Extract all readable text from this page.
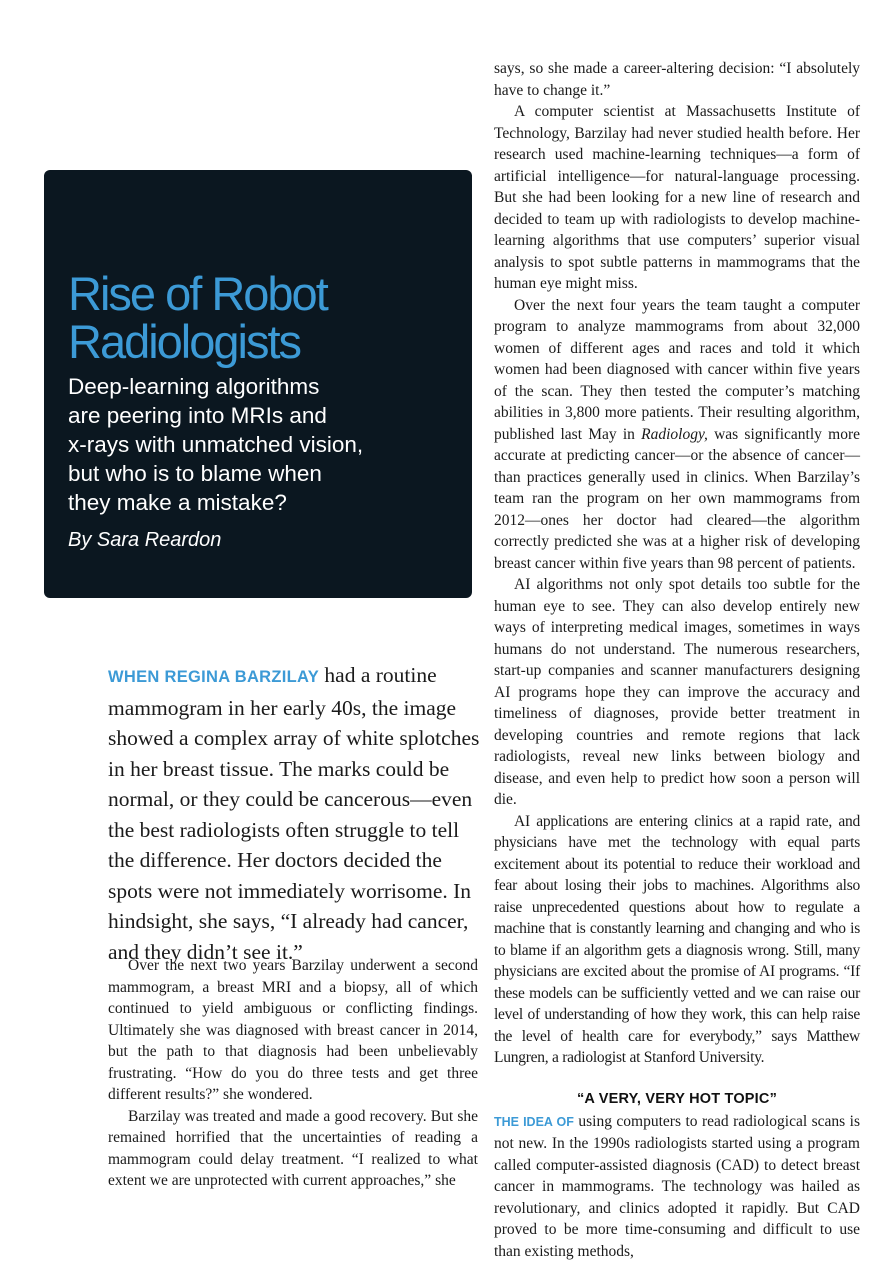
Rise of Robot
Radiologists

Deep-learning algorithms
are peering into MRIs and
x-rays with unmatched vision,
but who is to blame when
they make a mistake?

By Sara Reardon
WHEN REGINA BARZILAY had a routine mammogram in her early 40s, the image showed a complex array of white splotches in her breast tissue. The marks could be normal, or they could be cancerous—even the best radiologists often struggle to tell the difference. Her doctors decided the spots were not immediately worrisome. In hindsight, she says, “I already had cancer, and they didn’t see it.”

Over the next two years Barzilay underwent a second mammogram, a breast MRI and a biopsy, all of which continued to yield ambiguous or conflicting findings. Ultimately she was diagnosed with breast cancer in 2014, but the path to that diagnosis had been unbelievably frustrating. “How do you do three tests and get three different results?” she wondered.

Barzilay was treated and made a good recovery. But she remained horrified that the uncertainties of reading a mammogram could delay treatment. “I realized to what extent we are unprotected with current approaches,” she

says, so she made a career-altering decision: “I absolutely have to change it.”

A computer scientist at Massachusetts Institute of Technology, Barzilay had never studied health before. Her research used machine-learning techniques—a form of artificial intelligence—for natural-language processing. But she had been looking for a new line of research and decided to team up with radiologists to develop machine-learning algorithms that use computers’ superior visual analysis to spot subtle patterns in mammograms that the human eye might miss.

Over the next four years the team taught a computer program to analyze mammograms from about 32,000 women of different ages and races and told it which women had been diagnosed with cancer within five years of the scan. They then tested the computer’s matching abilities in 3,800 more patients. Their resulting algorithm, published last May in Radiology, was significantly more accurate at predicting cancer—or the absence of cancer—than practices generally used in clinics. When Barzilay’s team ran the program on her own mammograms from 2012—ones her doctor had cleared—the algorithm correctly predicted she was at a higher risk of developing breast cancer within five years than 98 percent of patients.

AI algorithms not only spot details too subtle for the human eye to see. They can also develop entirely new ways of interpreting medical images, sometimes in ways humans do not understand. The numerous researchers, start-up companies and scanner manufacturers designing AI programs hope they can improve the accuracy and timeliness of diagnoses, provide better treatment in developing countries and remote regions that lack radiologists, reveal new links between biology and disease, and even help to predict how soon a person will die.

AI applications are entering clinics at a rapid rate, and physicians have met the technology with equal parts excitement about its potential to reduce their workload and fear about losing their jobs to machines. Algorithms also raise unprecedented questions about how to regulate a machine that is constantly learning and changing and who is to blame if an algorithm gets a diagnosis wrong. Still, many physicians are excited about the promise of AI programs. “If these models can be sufficiently vetted and we can raise our level of understanding of how they work, this can help raise the level of health care for everybody,” says Matthew Lungren, a radiologist at Stanford University.

“A VERY, VERY HOT TOPIC”

THE IDEA OF using computers to read radiological scans is not new. In the 1990s radiologists started using a program called computer-assisted diagnosis (CAD) to detect breast cancer in mammograms. The technology was hailed as revolutionary, and clinics adopted it rapidly. But CAD proved to be more time-consuming and difficult to use than existing methods,
